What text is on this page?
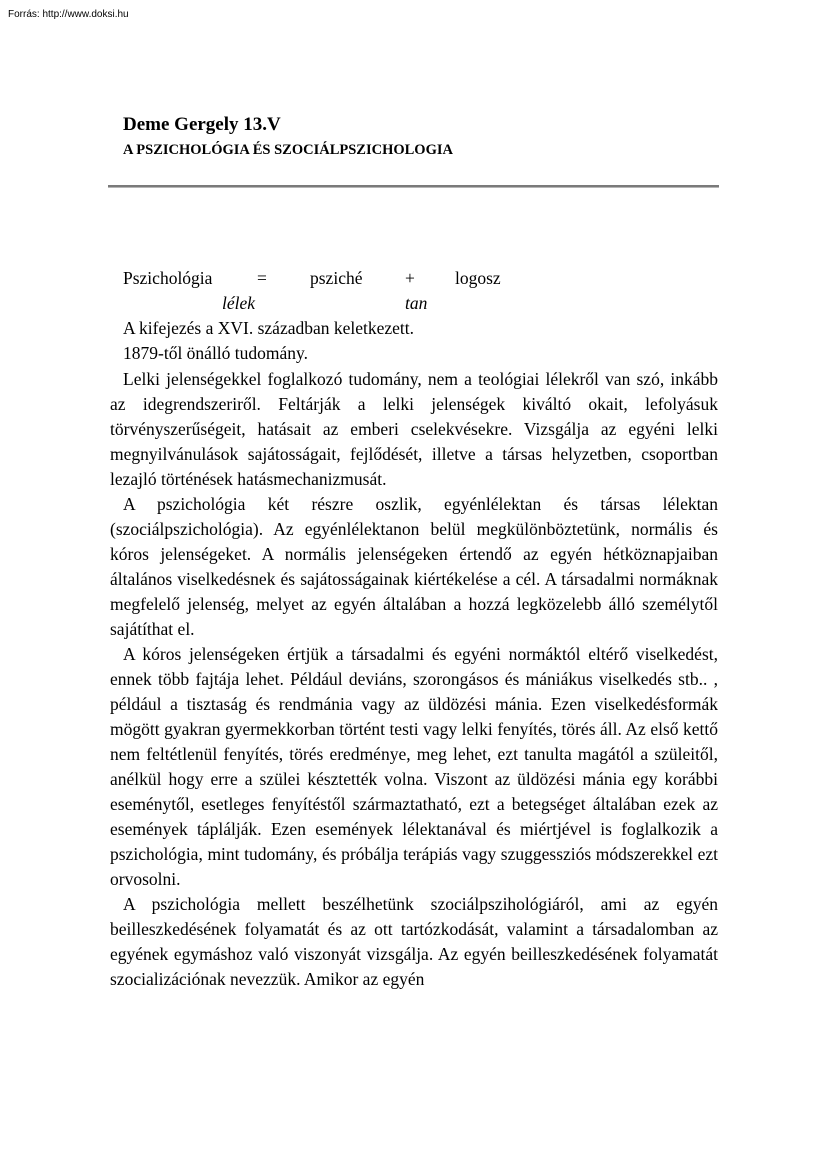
Forrás: http://www.doksi.hu
Deme Gergely 13.V
A PSZICHOLÓGIA ÉS SZOCIÁLPSZICHOLOGIA
Pszichológia	= psziché + logosz
lélek	tan
A kifejezés a XVI. században keletkezett.
1879-től önálló tudomány.

Lelki jelenségekkel foglalkozó tudomány, nem a teológiai lélekről van szó, inkább az idegrendszeriről. Feltárják a lelki jelenségek kiváltó okait, lefolyásuk törvényszerűségeit, hatásait az emberi cselekvésekre. Vizsgálja az egyéni lelki megnyilvánulások sajátosságait, fejlődését, illetve a társas helyzetben, csoportban lezajló történések hatásmechanizmusát.

A pszichológia két részre oszlik, egyénlélektan és társas lélektan (szociálpszichológia). Az egyénlélektanon belül megkülönböztetünk, normális és kóros jelenségeket. A normális jelenségeken értendő az egyén hétköznapjaiban általános viselkedésnek és sajátosságainak kiértékelése a cél. A társadalmi normáknak megfelelő jelenség, melyet az egyén általában a hozzá legközelebb álló személytől sajátíthat el.

A kóros jelenségeken értjük a társadalmi és egyéni normáktól eltérő viselkedést, ennek több fajtája lehet. Például deviáns, szorongásos és mániákus viselkedés stb.. , például a tisztaság és rendmánia vagy az üldözési mánia. Ezen viselkedésformák mögött gyakran gyermekkorban történt testi vagy lelki fenyítés, törés áll. Az első kettő nem feltétlenül fenyítés, törés eredménye, meg lehet, ezt tanulta magától a szüleitől, anélkül hogy erre a szülei késztették volna. Viszont az üldözési mánia egy korábbi eseménytől, esetleges fenyítéstől származtatható, ezt a betegséget általában ezek az események táplálják. Ezen események lélektanával és miértjével is foglalkozik a pszichológia, mint tudomány, és próbálja terápiás vagy szuggessziós módszerekkel ezt orvosolni.

A pszichológia mellett beszélhetünk szociálpszihológiáról, ami az egyén beilleszkedésének folyamatát és az ott tartózkodását, valamint a társadalomban az egyének egymáshoz való viszonyát vizsgálja. Az egyén beilleszkedésének folyamatát szocializációnak nevezzük. Amikor az egyén
